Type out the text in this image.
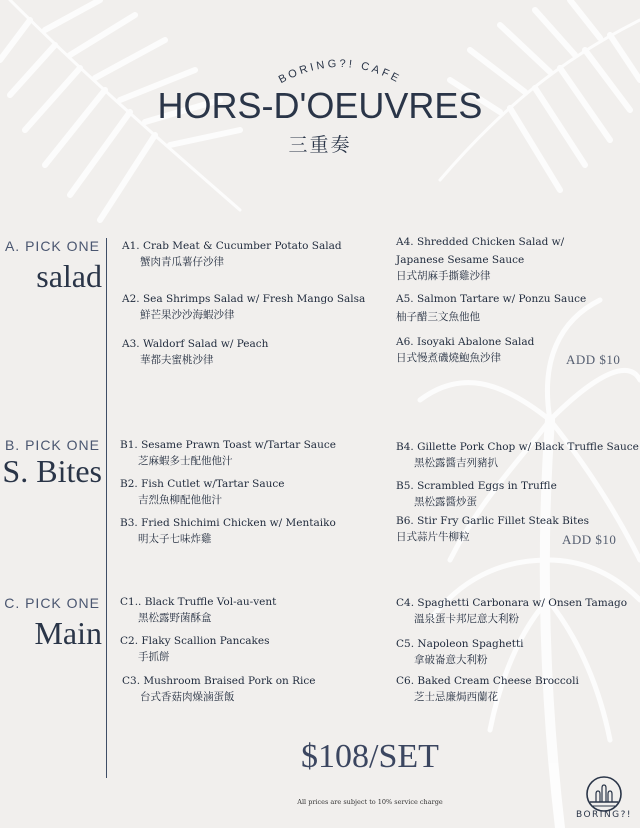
BORING?! CAFE
HORS-D'OEUVRES
三重奏
A. PICK ONE
salad
A1. Crab Meat & Cucumber Potato Salad
蟹肉青瓜薯仔沙律
A2. Sea Shrimps Salad w/ Fresh Mango Salsa
鮮芒果沙沙海蝦沙律
A3. Waldorf Salad w/ Peach
華都夫蜜桃沙律
A4. Shredded Chicken Salad w/
Japanese Sesame Sauce
日式胡麻手撕雞沙律
A5. Salmon Tartare w/ Ponzu Sauce
柚子醋三文魚他他
A6. Isoyaki Abalone Salad
日式慢煮磯燒鮑魚沙律	ADD $10
B. PICK ONE
S. Bites
B1. Sesame Prawn Toast w/Tartar Sauce
芝麻蝦多士配他他汁
B2. Fish Cutlet w/Tartar Sauce
吉烈魚柳配他他汁
B3. Fried Shichimi Chicken w/ Mentaiko
明太子七味炸雞
B4. Gillette Pork Chop w/ Black Truffle Sauce
黑松露醬吉列豬扒
B5. Scrambled Eggs in Truffle
黑松露醬炒蛋
B6. Stir Fry Garlic Fillet Steak Bites
日式蒜片牛柳粒	ADD $10
C. PICK ONE
Main
C1.. Black Truffle Vol-au-vent
黑松露野菌酥盒
C2. Flaky Scallion Pancakes
手抓餅
C3. Mushroom Braised Pork on Rice
台式香菇肉燥滷蛋飯
C4. Spaghetti Carbonara w/ Onsen Tamago
溫泉蛋卡邦尼意大利粉
C5. Napoleon Spaghetti
拿破崙意大利粉
C6. Baked Cream Cheese Broccoli
芝士忌廉焗西蘭花
$108/SET
All prices are subject to 10% service charge
BORING?!
